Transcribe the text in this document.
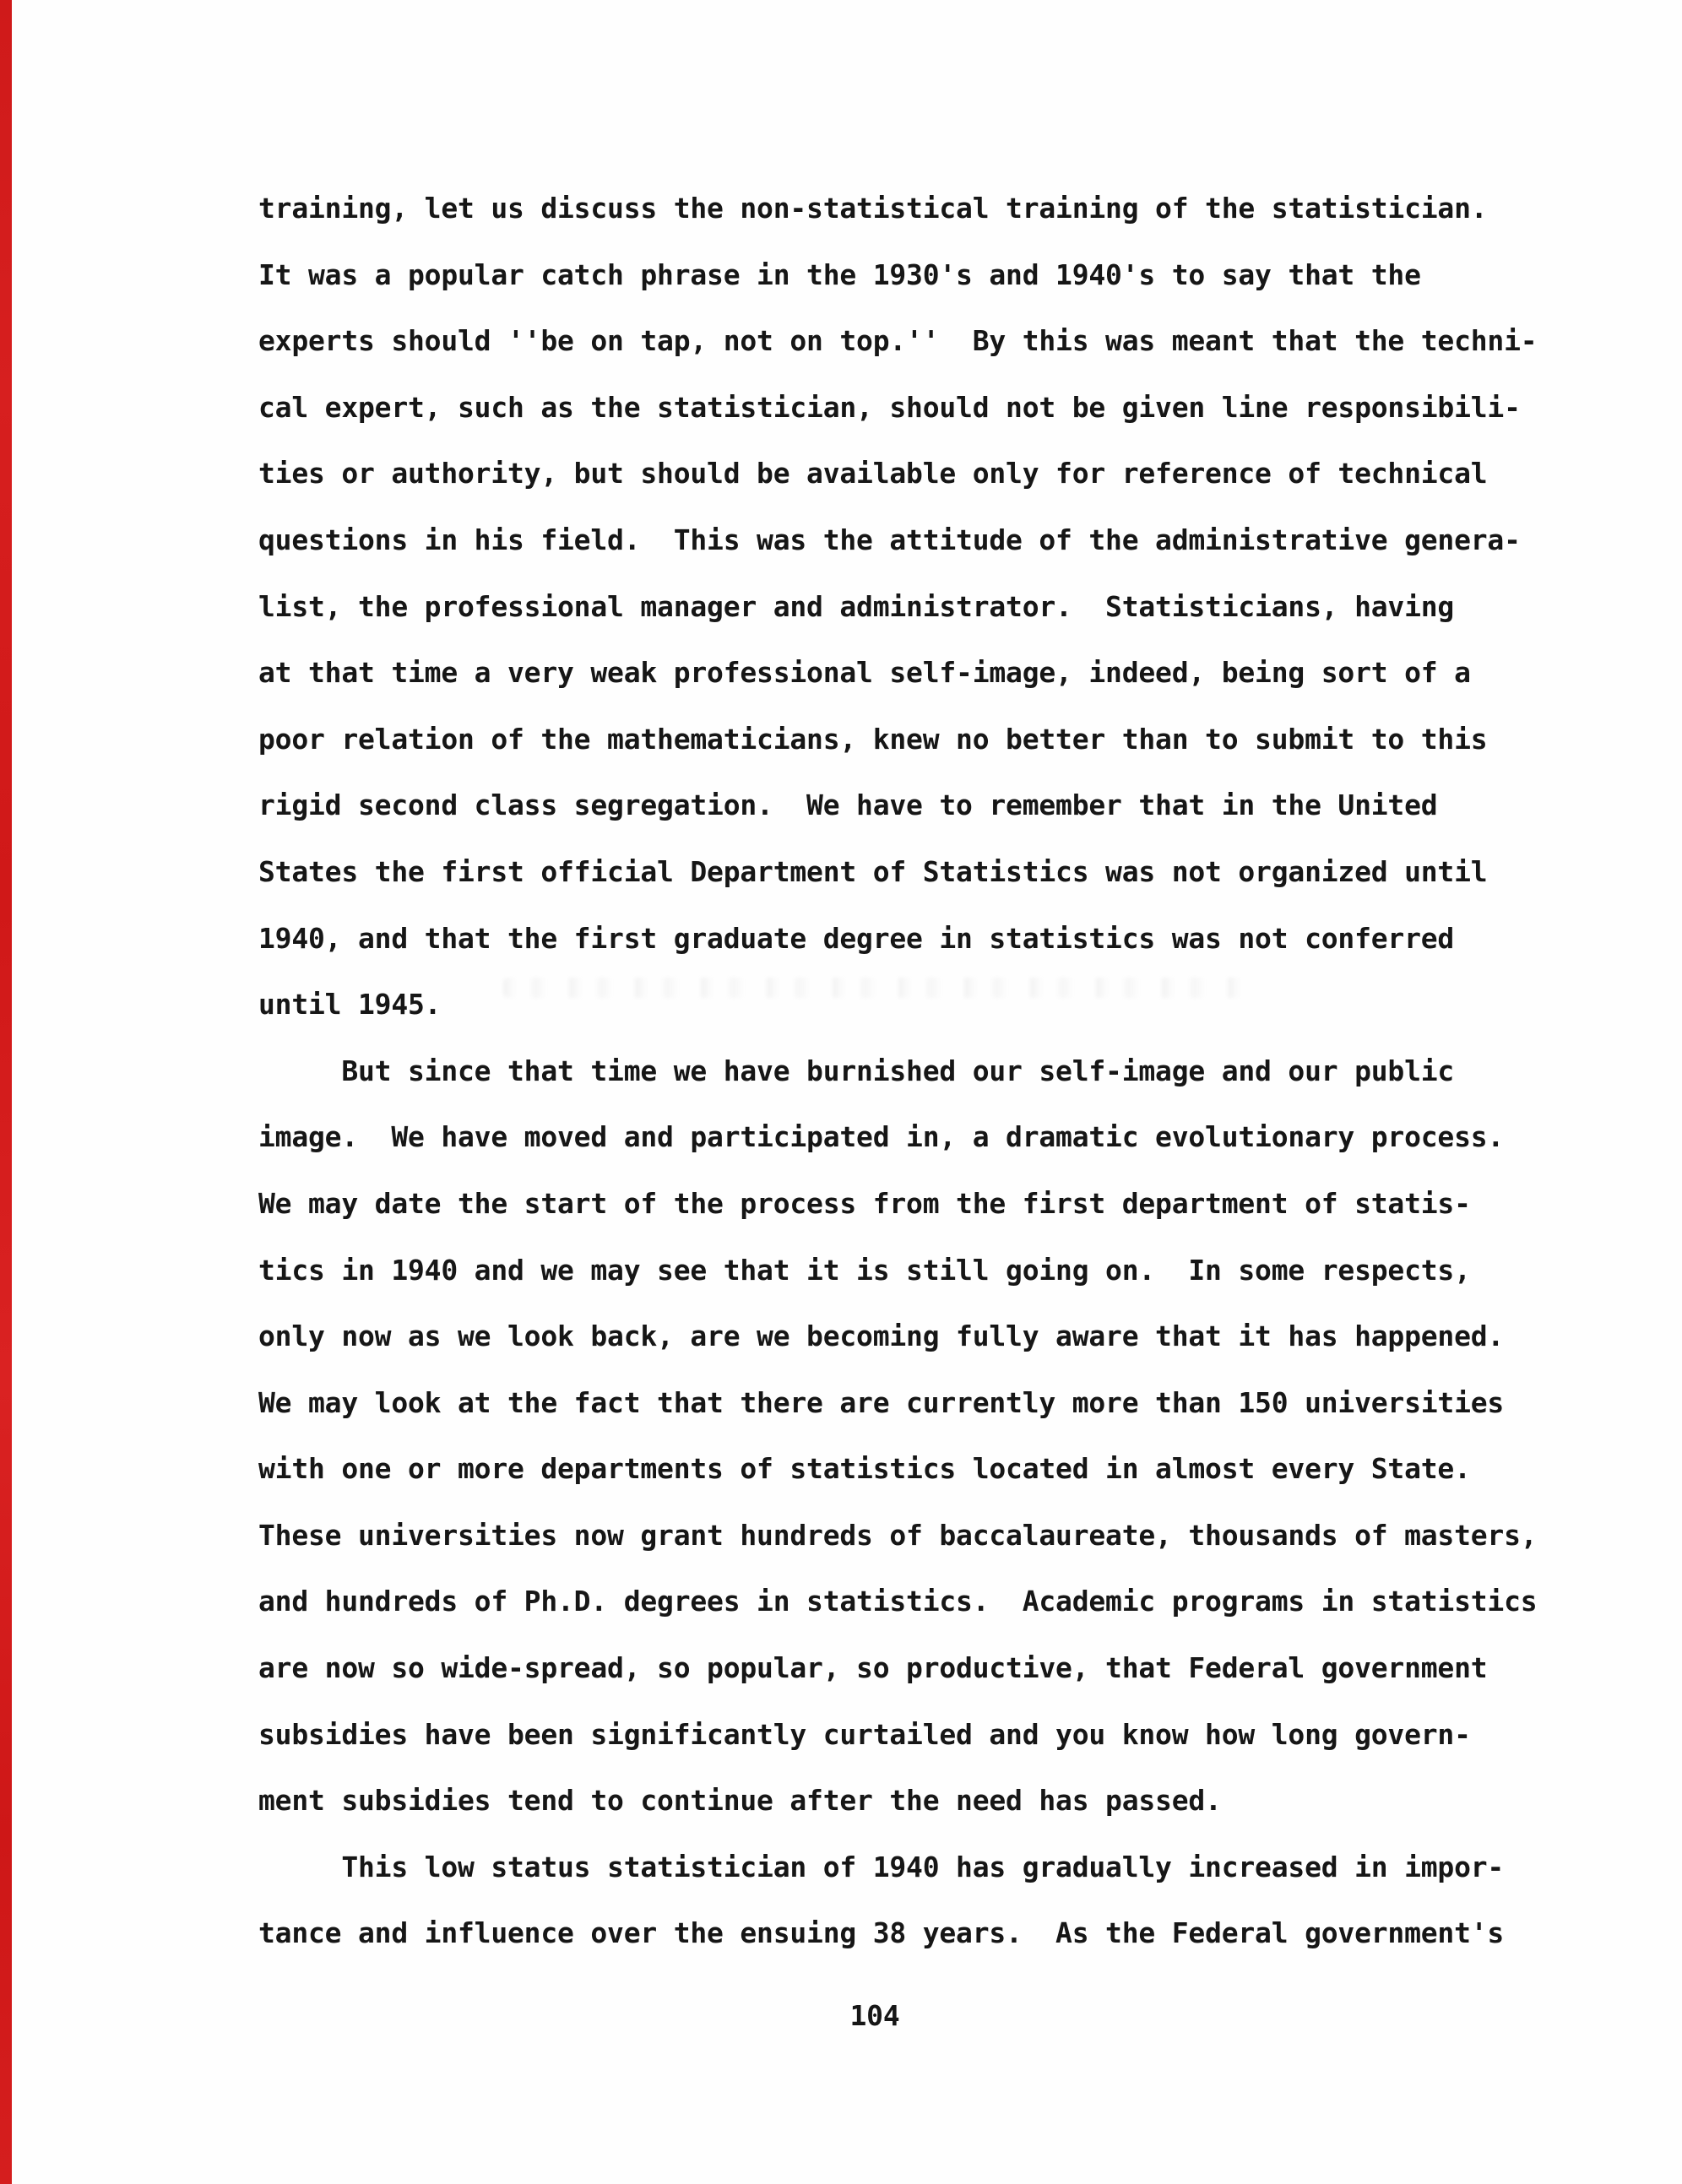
training, let us discuss the non-statistical training of the statistician.
It was a popular catch phrase in the 1930's and 1940's to say that the
experts should ''be on tap, not on top.''  By this was meant that the techni-
cal expert, such as the statistician, should not be given line responsibili-
ties or authority, but should be available only for reference of technical
questions in his field.  This was the attitude of the administrative genera-
list, the professional manager and administrator.  Statisticians, having
at that time a very weak professional self-image, indeed, being sort of a
poor relation of the mathematicians, knew no better than to submit to this
rigid second class segregation.  We have to remember that in the United
States the first official Department of Statistics was not organized until
1940, and that the first graduate degree in statistics was not conferred
until 1945.
But since that time we have burnished our self-image and our public
image.  We have moved and participated in, a dramatic evolutionary process.
We may date the start of the process from the first department of statis-
tics in 1940 and we may see that it is still going on.  In some respects,
only now as we look back, are we becoming fully aware that it has happened.
We may look at the fact that there are currently more than 150 universities
with one or more departments of statistics located in almost every State.
These universities now grant hundreds of baccalaureate, thousands of masters,
and hundreds of Ph.D. degrees in statistics.  Academic programs in statistics
are now so wide-spread, so popular, so productive, that Federal government
subsidies have been significantly curtailed and you know how long govern-
ment subsidies tend to continue after the need has passed.
This low status statistician of 1940 has gradually increased in impor-
tance and influence over the ensuing 38 years.  As the Federal government's
104
